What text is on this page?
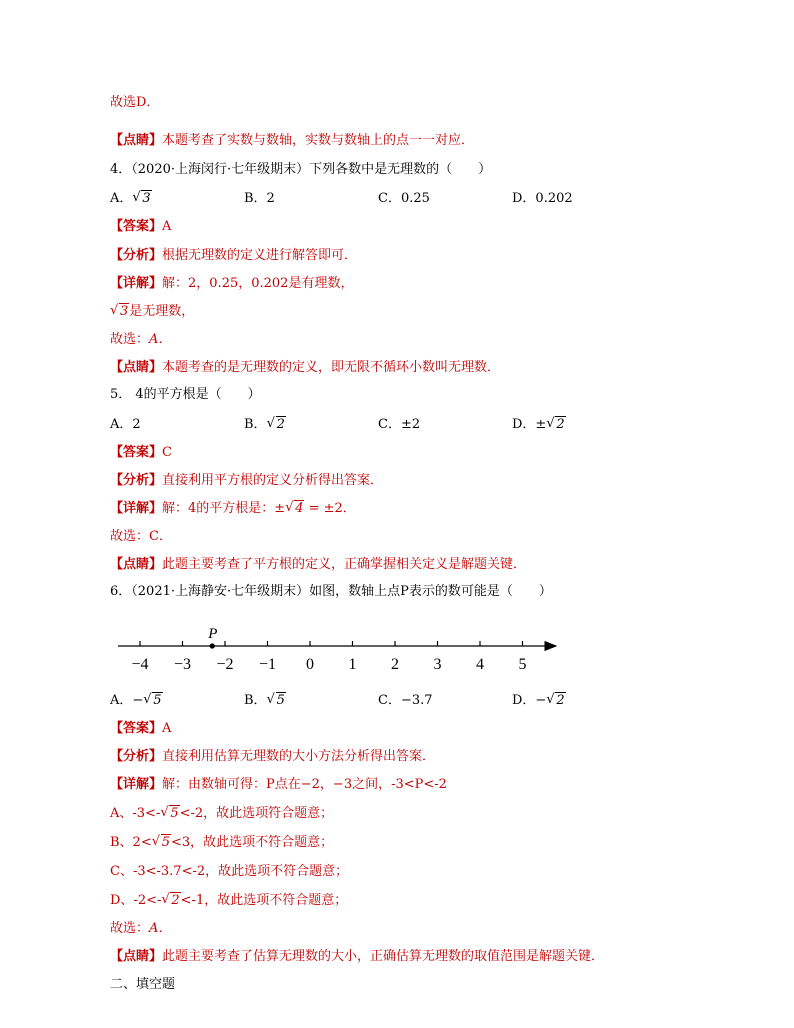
故选D．
【点睛】本题考查了实数与数轴，实数与数轴上的点一一对应．
4．（2020·上海闵行·七年级期末）下列各数中是无理数的（　　）
A． √ 3	B．2	C．0.25	D．0.202
【答案】A
【分析】根据无理数的定义进行解答即可．
【详解】解：2，0.25，0.202是有理数，
√ 3是无理数，
故选：A．
【点睛】本题考查的是无理数的定义，即无限不循环小数叫无理数．
5． 4的平方根是（　　）
A．2	B． √ 2	C．±2	D．± √ 2
【答案】C
【分析】直接利用平方根的定义分析得出答案．
【详解】解：4的平方根是：± √ 4 = ±2．
故选：C．
【点睛】此题主要考查了平方根的定义，正确掌握相关定义是解题关键．
6．（2021·上海静安·七年级期末）如图，数轴上点P表示的数可能是（　　）
−4 −3 −2 −1 0 1 2 3 4 5
P
A．− √ 5	B． √ 5	C．−3.7	D．− √ 2
【答案】A
【分析】直接利用估算无理数的大小方法分析得出答案．
【详解】解：由数轴可得：P点在−2，−3之间，-3<P<-2
A、-3<- √ 5<-2，故此选项符合题意；
B、2< √ 5<3，故此选项不符合题意；
C、-3<-3.7<-2，故此选项不符合题意；
D、-2<- √ 2<-1，故此选项不符合题意；
故选：A．
【点睛】此题主要考查了估算无理数的大小，正确估算无理数的取值范围是解题关键．
二、填空题
